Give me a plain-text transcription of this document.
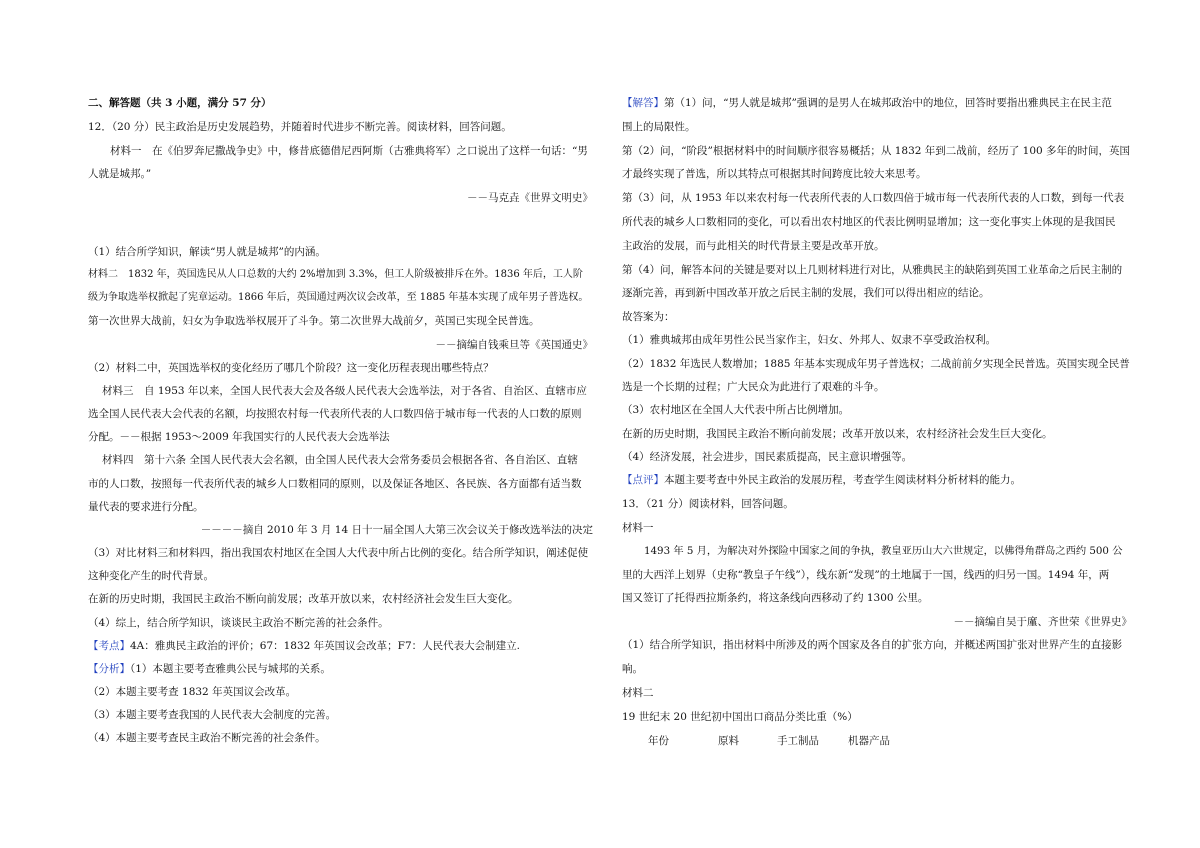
二、解答题（共 3 小题，满分 57 分）
12．（20 分）民主政治是历史发展趋势，并随着时代进步不断完善。阅读材料，回答问题。
材料一　在《伯罗奔尼撒战争史》中，修昔底德借尼西阿斯（古雅典将军）之口说出了这样一句话：“男
人就是城邦。”
－－马克垚《世界文明史》
（1）结合所学知识，解读“男人就是城邦”的内涵。
材料二　1832 年，英国选民从人口总数的大约 2%增加到 3.3%，但工人阶级被排斥在外。1836 年后，工人阶
级为争取选举权掀起了宪章运动。1866 年后，英国通过两次议会改革，至 1885 年基本实现了成年男子普选权。
第一次世界大战前，妇女为争取选举权展开了斗争。第二次世界大战前夕，英国已实现全民普选。
－－摘编自钱乘旦等《英国通史》
（2）材料二中，英国选举权的变化经历了哪几个阶段？这一变化历程表现出哪些特点？
材料三　自 1953 年以来，全国人民代表大会及各级人民代表大会选举法，对于各省、自治区、直辖市应
选全国人民代表大会代表的名额，均按照农村每一代表所代表的人口数四倍于城市每一代表的人口数的原则
分配。－－根据 1953～2009 年我国实行的人民代表大会选举法
材料四　第十六条 全国人民代表大会名额，由全国人民代表大会常务委员会根据各省、各自治区、直辖
市的人口数，按照每一代表所代表的城乡人口数相同的原则，以及保证各地区、各民族、各方面都有适当数
量代表的要求进行分配。
－－－－摘自 2010 年 3 月 14 日十一届全国人大第三次会议关于修改选举法的决定
（3）对比材料三和材料四，指出我国农村地区在全国人大代表中所占比例的变化。结合所学知识，阐述促使
这种变化产生的时代背景。
在新的历史时期，我国民主政治不断向前发展；改革开放以来，农村经济社会发生巨大变化。
（4）综上，结合所学知识，谈谈民主政治不断完善的社会条件。
【考点】4A：雅典民主政治的评价；67：1832 年英国议会改革；F7：人民代表大会制建立.
【分析】（1）本题主要考查雅典公民与城邦的关系。
（2）本题主要考查 1832 年英国议会改革。
（3）本题主要考查我国的人民代表大会制度的完善。
（4）本题主要考查民主政治不断完善的社会条件。
【解答】第（1）问，“男人就是城邦”强调的是男人在城邦政治中的地位，回答时要指出雅典民主在民主范
围上的局限性。
第（2）问，“阶段”根据材料中的时间顺序很容易概括；从 1832 年到二战前，经历了 100 多年的时间，英国
才最终实现了普选，所以其特点可根据其时间跨度比较大来思考。
第（3）问，从 1953 年以来农村每一代表所代表的人口数四倍于城市每一代表所代表的人口数，到每一代表
所代表的城乡人口数相同的变化，可以看出农村地区的代表比例明显增加；这一变化事实上体现的是我国民
主政治的发展，而与此相关的时代背景主要是改革开放。
第（4）问，解答本问的关键是要对以上几则材料进行对比，从雅典民主的缺陷到英国工业革命之后民主制的
逐渐完善，再到新中国改革开放之后民主制的发展，我们可以得出相应的结论。
故答案为：
（1）雅典城邦由成年男性公民当家作主，妇女、外邦人、奴隶不享受政治权利。
（2）1832 年选民人数增加；1885 年基本实现成年男子普选权；二战前前夕实现全民普选。英国实现全民普
选是一个长期的过程；广大民众为此进行了艰难的斗争。
（3）农村地区在全国人大代表中所占比例增加。
在新的历史时期，我国民主政治不断向前发展；改革开放以来，农村经济社会发生巨大变化。
（4）经济发展，社会进步，国民素质提高，民主意识增强等。
【点评】本题主要考查中外民主政治的发展历程，考查学生阅读材料分析材料的能力。
13．（21 分）阅读材料，回答问题。
材料一
1493 年 5 月，为解决对外探险中国家之间的争执，教皇亚历山大六世规定，以佛得角群岛之西约 500 公
里的大西洋上划界（史称“教皇子午线”），线东新“发现”的土地属于一国，线西的归另一国。1494 年，两
国又签订了托得西拉斯条约，将这条线向西移动了约 1300 公里。
－－摘编自吴于廑、齐世荣《世界史》
（1）结合所学知识，指出材料中所涉及的两个国家及各自的扩张方向，并概述两国扩张对世界产生的直接影
响。
材料二
19 世纪末 20 世纪初中国出口商品分类比重（%）
年份	原料	手工制品	机器产品
